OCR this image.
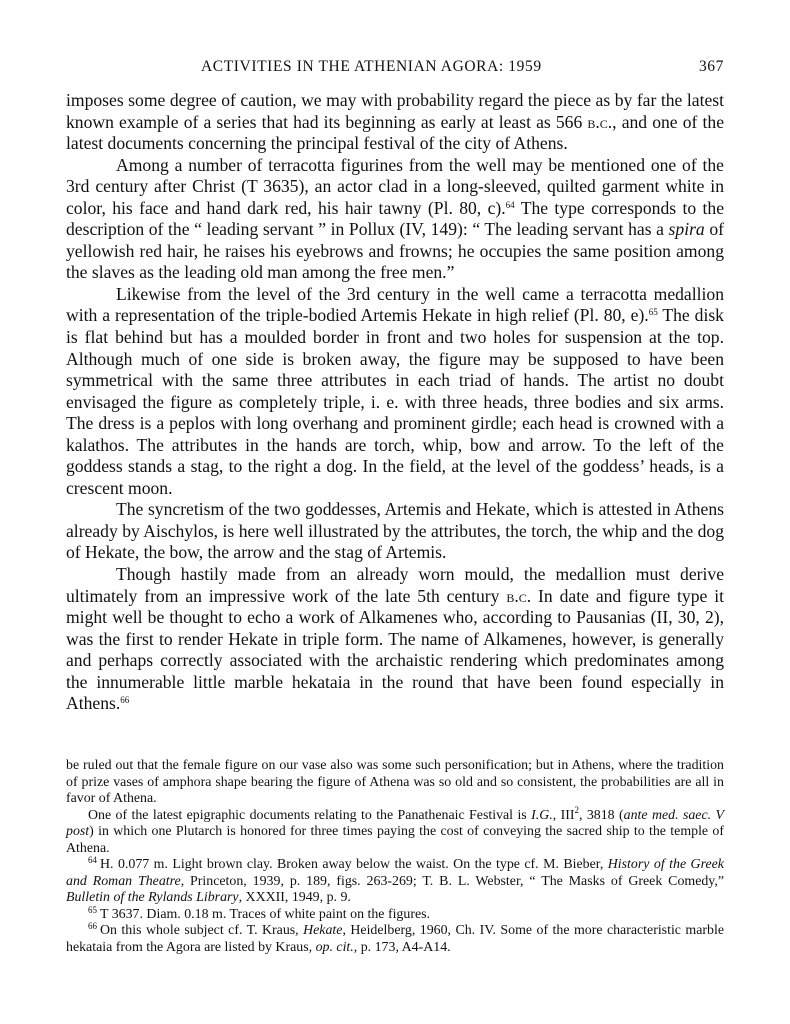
ACTIVITIES IN THE ATHENIAN AGORA: 1959	367

imposes some degree of caution, we may with probability regard the piece as by far the latest known example of a series that had its beginning as early at least as 566 b.c., and one of the latest documents concerning the principal festival of the city of Athens.

Among a number of terracotta figurines from the well may be mentioned one of the 3rd century after Christ (T 3635), an actor clad in a long-sleeved, quilted garment white in color, his face and hand dark red, his hair tawny (Pl. 80, c).$^{64}$ The type corresponds to the description of the “ leading servant ” in Pollux (IV, 149): “ The leading servant has a spira of yellowish red hair, he raises his eyebrows and frowns; he occupies the same position among the slaves as the leading old man among the free men.”

Likewise from the level of the 3rd century in the well came a terracotta medallion with a representation of the triple-bodied Artemis Hekate in high relief (Pl. 80, e).$^{65}$ The disk is flat behind but has a moulded border in front and two holes for suspension at the top. Although much of one side is broken away, the figure may be supposed to have been symmetrical with the same three attributes in each triad of hands. The artist no doubt envisaged the figure as completely triple, i. e. with three heads, three bodies and six arms. The dress is a peplos with long overhang and prominent girdle; each head is crowned with a kalathos. The attributes in the hands are torch, whip, bow and arrow. To the left of the goddess stands a stag, to the right a dog. In the field, at the level of the goddess’ heads, is a crescent moon.

The syncretism of the two goddesses, Artemis and Hekate, which is attested in Athens already by Aischylos, is here well illustrated by the attributes, the torch, the whip and the dog of Hekate, the bow, the arrow and the stag of Artemis.

Though hastily made from an already worn mould, the medallion must derive ultimately from an impressive work of the late 5th century b.c. In date and figure type it might well be thought to echo a work of Alkamenes who, according to Pausanias (II, 30, 2), was the first to render Hekate in triple form. The name of Alkamenes, however, is generally and perhaps correctly associated with the archaistic rendering which predominates among the innumerable little marble hekataia in the round that have been found especially in Athens.$^{66}$

be ruled out that the female figure on our vase also was some such personification; but in Athens, where the tradition of prize vases of amphora shape bearing the figure of Athena was so old and so consistent, the probabilities are all in favor of Athena.

One of the latest epigraphic documents relating to the Panathenaic Festival is I.G., III$^2$, 3818 (ante med. saec. V post) in which one Plutarch is honored for three times paying the cost of conveying the sacred ship to the temple of Athena.

$^{64}$ H. 0.077 m. Light brown clay. Broken away below the waist. On the type cf. M. Bieber, History of the Greek and Roman Theatre, Princeton, 1939, p. 189, figs. 263-269; T. B. L. Webster, “ The Masks of Greek Comedy,” Bulletin of the Rylands Library, XXXII, 1949, p. 9.

$^{65}$ T 3637. Diam. 0.18 m. Traces of white paint on the figures.

$^{66}$ On this whole subject cf. T. Kraus, Hekate, Heidelberg, 1960, Ch. IV. Some of the more characteristic marble hekataia from the Agora are listed by Kraus, op. cit., p. 173, A4-A14.
